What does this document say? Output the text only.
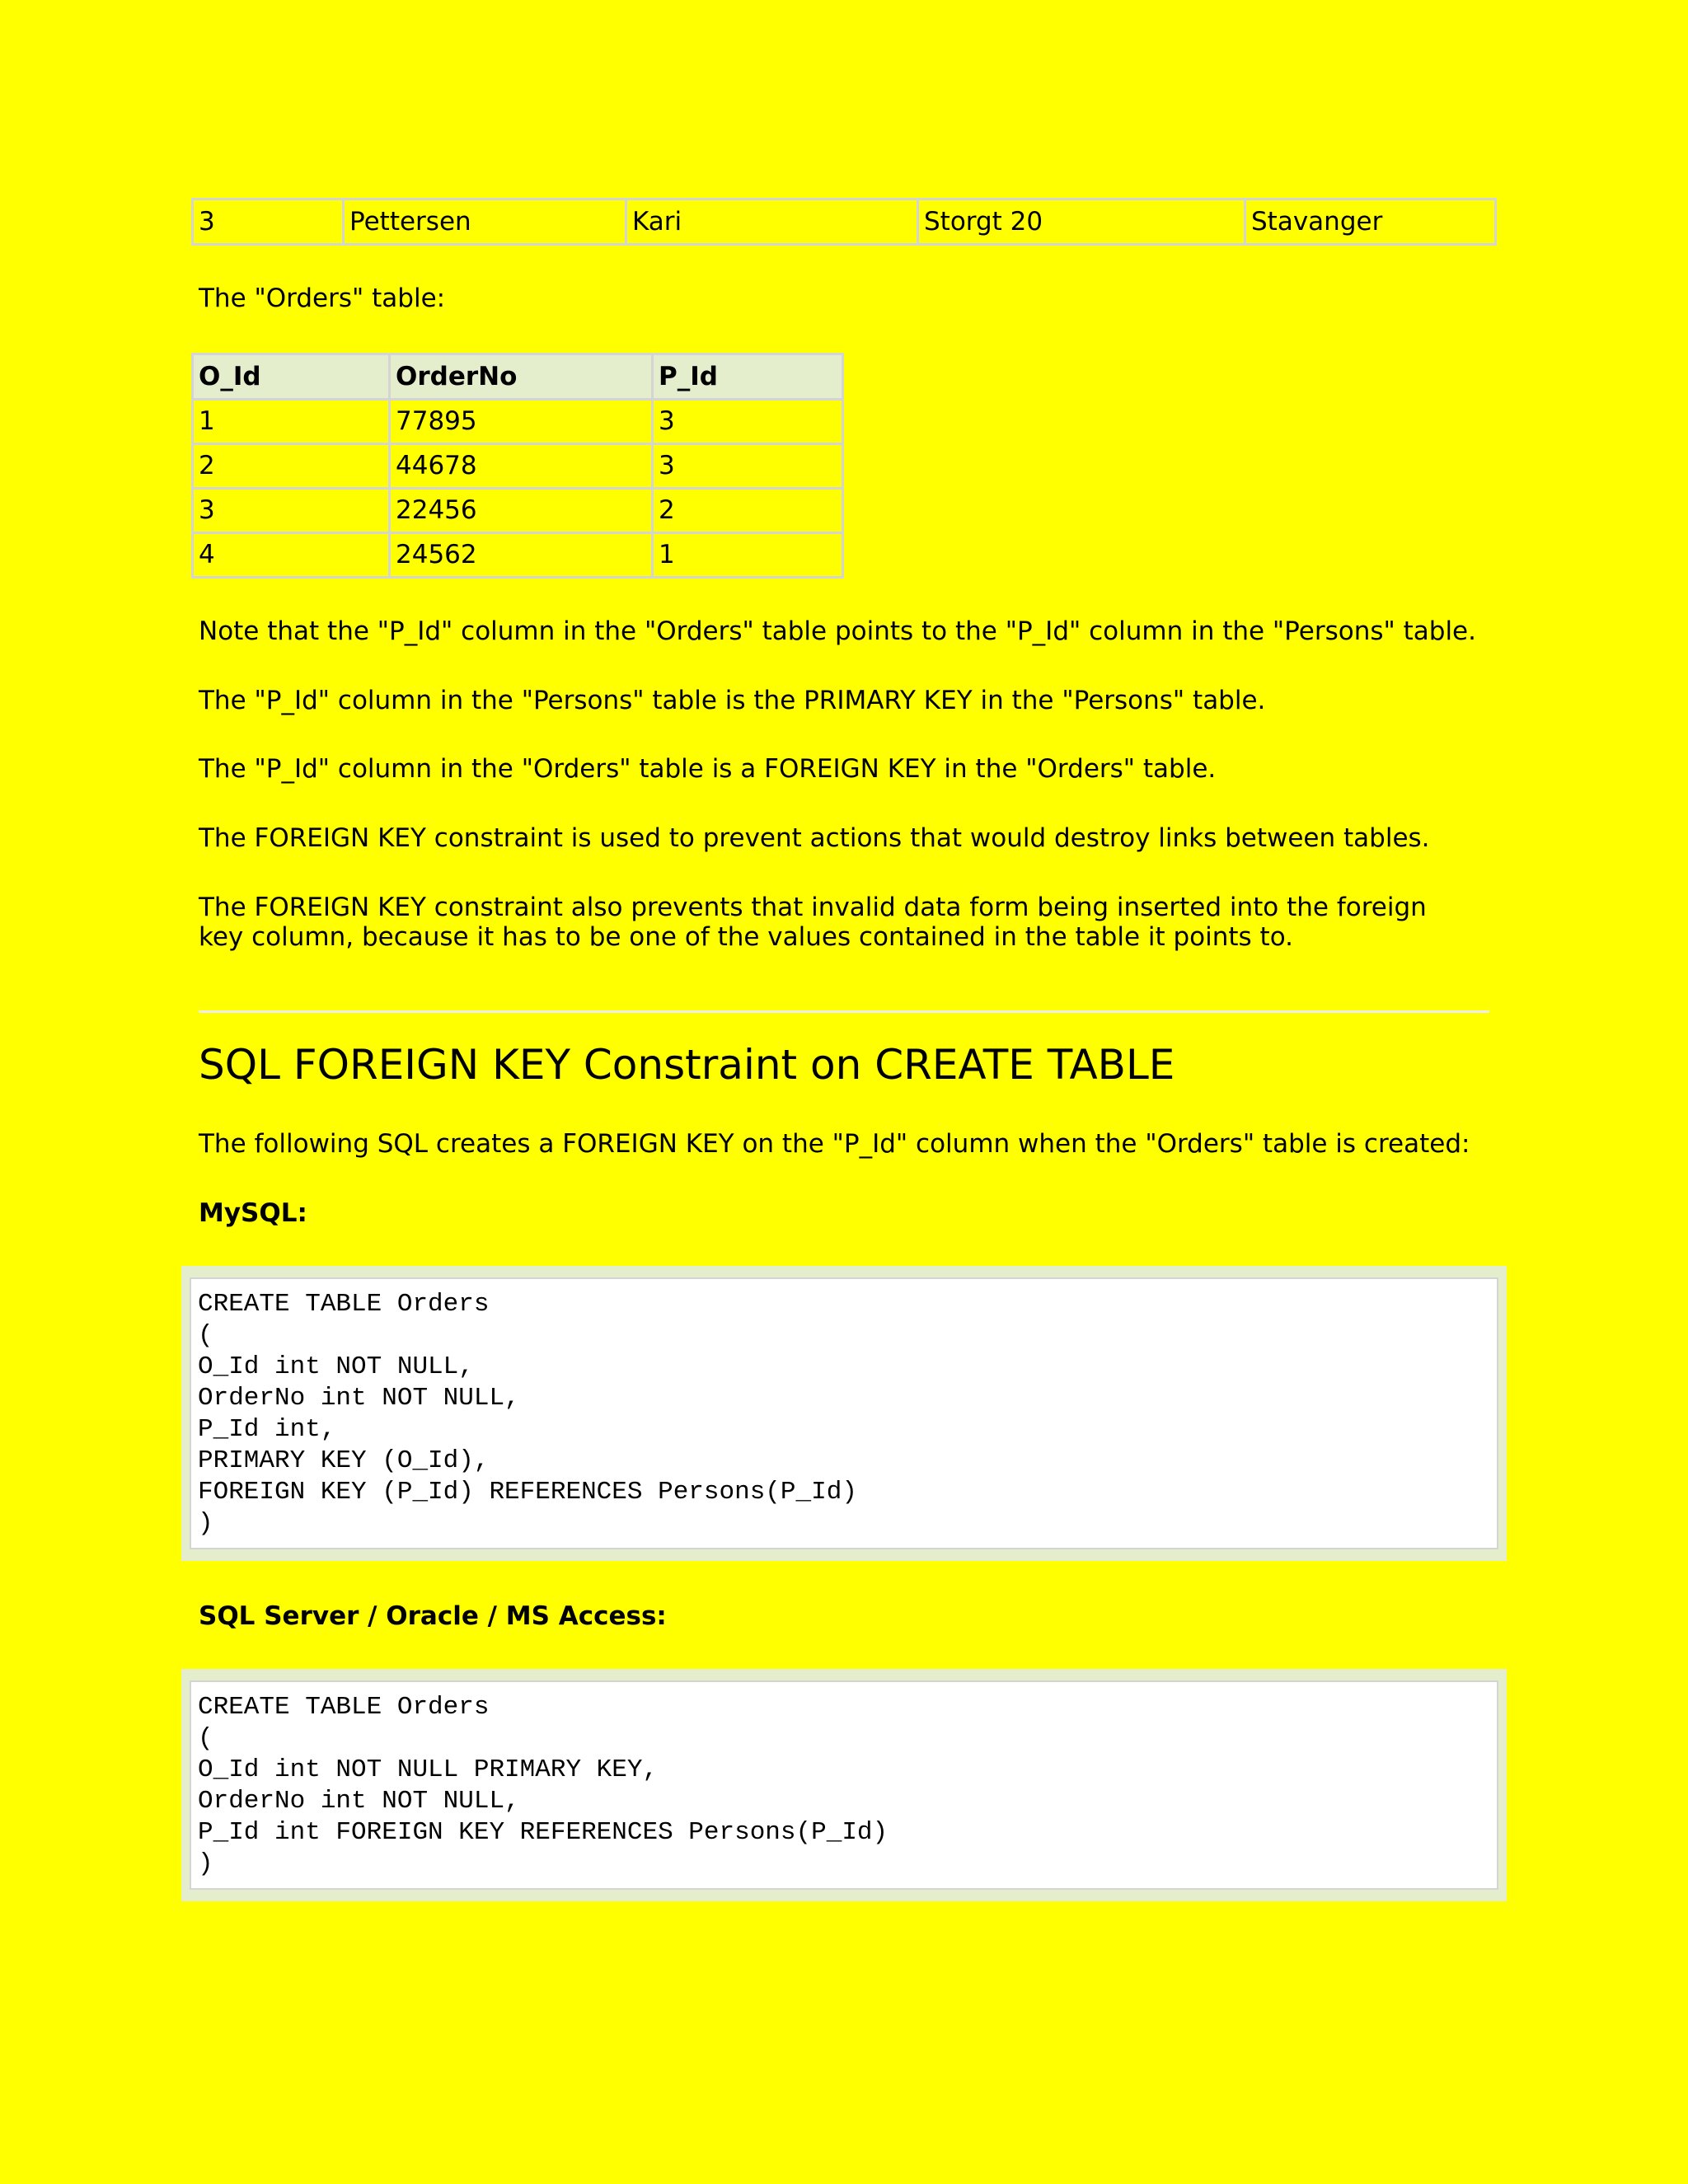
3	Pettersen	Kari	Storgt 20	Stavanger

The "Orders" table:

O_Id	OrderNo	P_Id
1	77895	3
2	44678	3
3	22456	2
4	24562	1

Note that the "P_Id" column in the "Orders" table points to the "P_Id" column in the "Persons" table.

The "P_Id" column in the "Persons" table is the PRIMARY KEY in the "Persons" table.

The "P_Id" column in the "Orders" table is a FOREIGN KEY in the "Orders" table.

The FOREIGN KEY constraint is used to prevent actions that would destroy links between tables.

The FOREIGN KEY constraint also prevents that invalid data form being inserted into the foreign key column, because it has to be one of the values contained in the table it points to.

SQL FOREIGN KEY Constraint on CREATE TABLE

The following SQL creates a FOREIGN KEY on the "P_Id" column when the "Orders" table is created:

MySQL:

CREATE TABLE Orders
(
O_Id int NOT NULL,
OrderNo int NOT NULL,
P_Id int,
PRIMARY KEY (O_Id),
FOREIGN KEY (P_Id) REFERENCES Persons(P_Id)
)

SQL Server / Oracle / MS Access:

CREATE TABLE Orders
(
O_Id int NOT NULL PRIMARY KEY,
OrderNo int NOT NULL,
P_Id int FOREIGN KEY REFERENCES Persons(P_Id)
)
